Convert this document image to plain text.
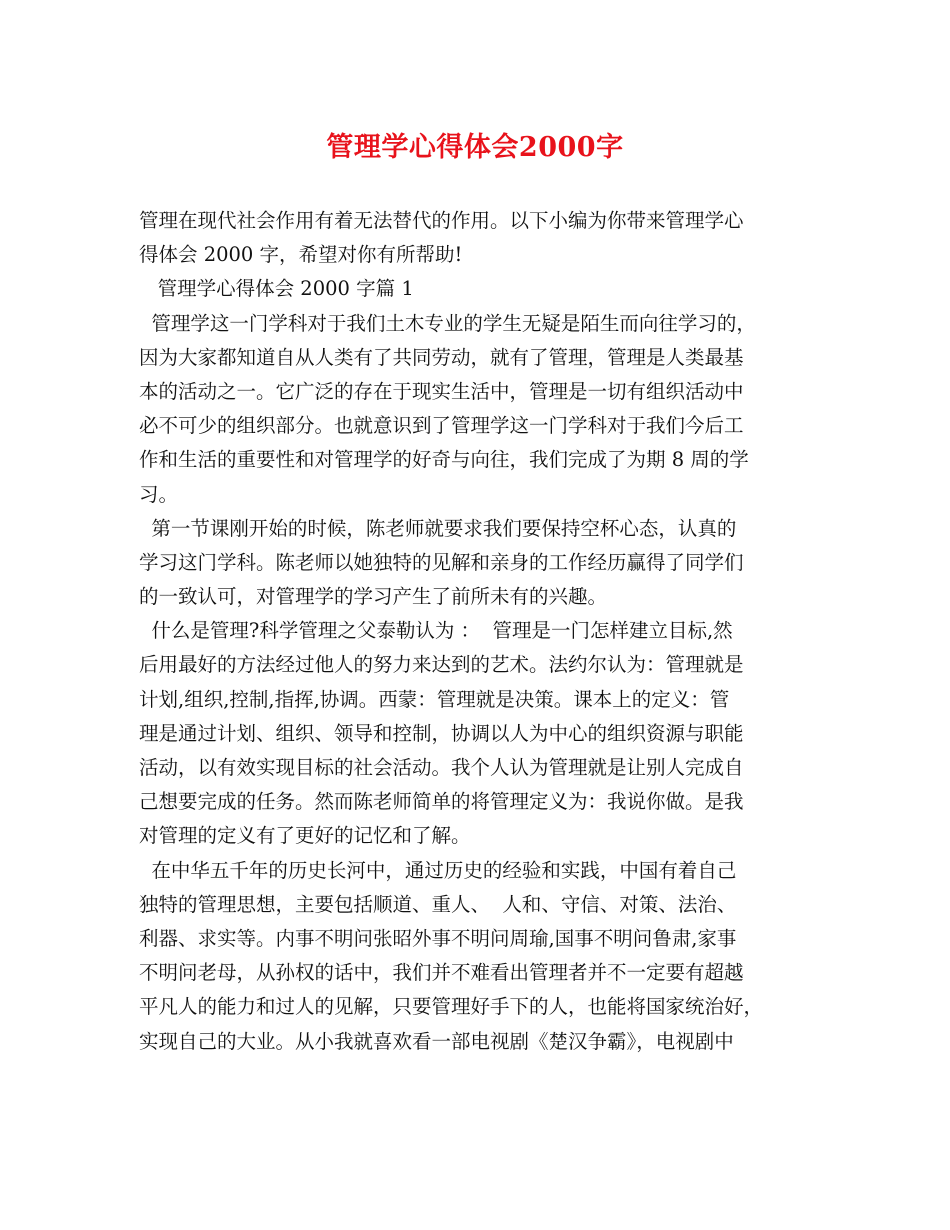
管理学心得体会2000字
管理在现代社会作用有着无法替代的作用。以下小编为你带来管理学心
得体会 2000 字，希望对你有所帮助!
管理学心得体会 2000 字篇 1
管理学这一门学科对于我们土木专业的学生无疑是陌生而向往学习的，
因为大家都知道自从人类有了共同劳动，就有了管理，管理是人类最基
本的活动之一。它广泛的存在于现实生活中，管理是一切有组织活动中
必不可少的组织部分。也就意识到了管理学这一门学科对于我们今后工
作和生活的重要性和对管理学的好奇与向往，我们完成了为期 8 周的学
习。
第一节课刚开始的时候，陈老师就要求我们要保持空杯心态，认真的
学习这门学科。陈老师以她独特的见解和亲身的工作经历赢得了同学们
的一致认可，对管理学的学习产生了前所未有的兴趣。
什么是管理?科学管理之父泰勒认为 ：  管理是一门怎样建立目标,然
后用最好的方法经过他人的努力来达到的艺术。法约尔认为：管理就是
计划,组织,控制,指挥,协调。西蒙：管理就是决策。课本上的定义：管
理是通过计划、组织、领导和控制，协调以人为中心的组织资源与职能
活动，以有效实现目标的社会活动。我个人认为管理就是让别人完成自
己想要完成的任务。然而陈老师简单的将管理定义为：我说你做。是我
对管理的定义有了更好的记忆和了解。
在中华五千年的历史长河中，通过历史的经验和实践，中国有着自己
独特的管理思想，主要包括顺道、重人、  人和、守信、对策、法治、
利器、求实等。内事不明问张昭外事不明问周瑜,国事不明问鲁肃,家事
不明问老母，从孙权的话中，我们并不难看出管理者并不一定要有超越
平凡人的能力和过人的见解，只要管理好手下的人，也能将国家统治好，
实现自己的大业。从小我就喜欢看一部电视剧《楚汉争霸》，电视剧中
